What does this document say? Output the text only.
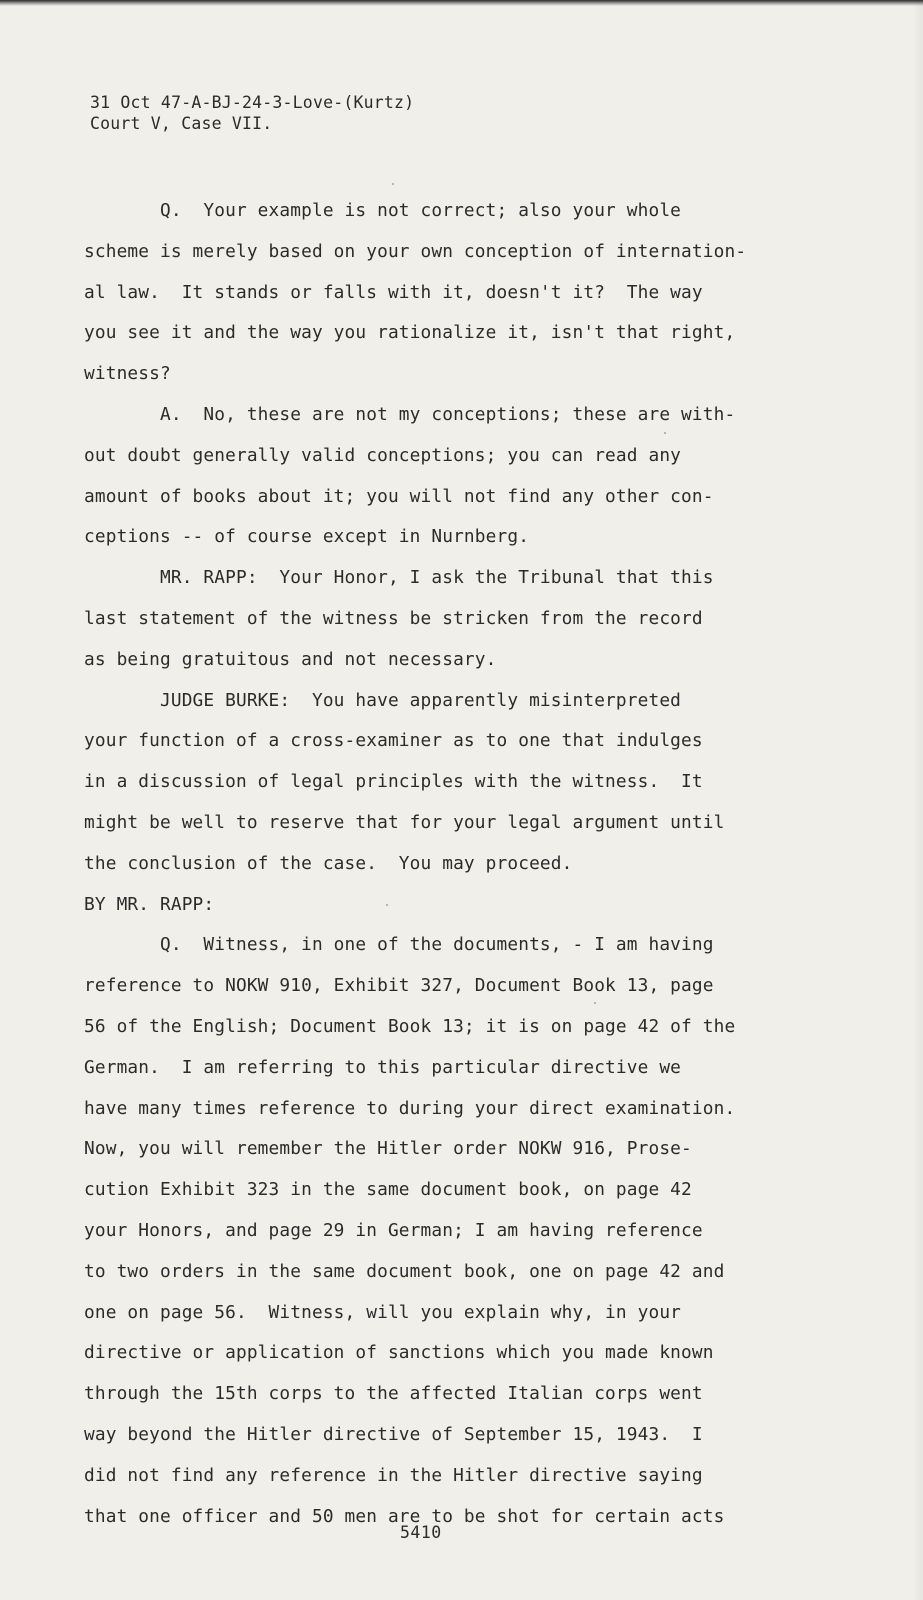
31 Oct 47-A-BJ-24-3-Love-(Kurtz)
Court V, Case VII.
Q.  Your example is not correct; also your whole
scheme is merely based on your own conception of internation-
al law.  It stands or falls with it, doesn't it?  The way
you see it and the way you rationalize it, isn't that right,
witness?
A.  No, these are not my conceptions; these are with-
out doubt generally valid conceptions; you can read any
amount of books about it; you will not find any other con-
ceptions -- of course except in Nurnberg.
MR. RAPP:  Your Honor, I ask the Tribunal that this
last statement of the witness be stricken from the record
as being gratuitous and not necessary.
JUDGE BURKE:  You have apparently misinterpreted
your function of a cross-examiner as to one that indulges
in a discussion of legal principles with the witness.  It
might be well to reserve that for your legal argument until
the conclusion of the case.  You may proceed.
BY MR. RAPP:
Q.  Witness, in one of the documents, - I am having
reference to NOKW 910, Exhibit 327, Document Book 13, page
56 of the English; Document Book 13; it is on page 42 of the
German.  I am referring to this particular directive we
have many times reference to during your direct examination.
Now, you will remember the Hitler order NOKW 916, Prose-
cution Exhibit 323 in the same document book, on page 42
your Honors, and page 29 in German; I am having reference
to two orders in the same document book, one on page 42 and
one on page 56.  Witness, will you explain why, in your
directive or application of sanctions which you made known
through the 15th corps to the affected Italian corps went
way beyond the Hitler directive of September 15, 1943.  I
did not find any reference in the Hitler directive saying
that one officer and 50 men are to be shot for certain acts
5410
